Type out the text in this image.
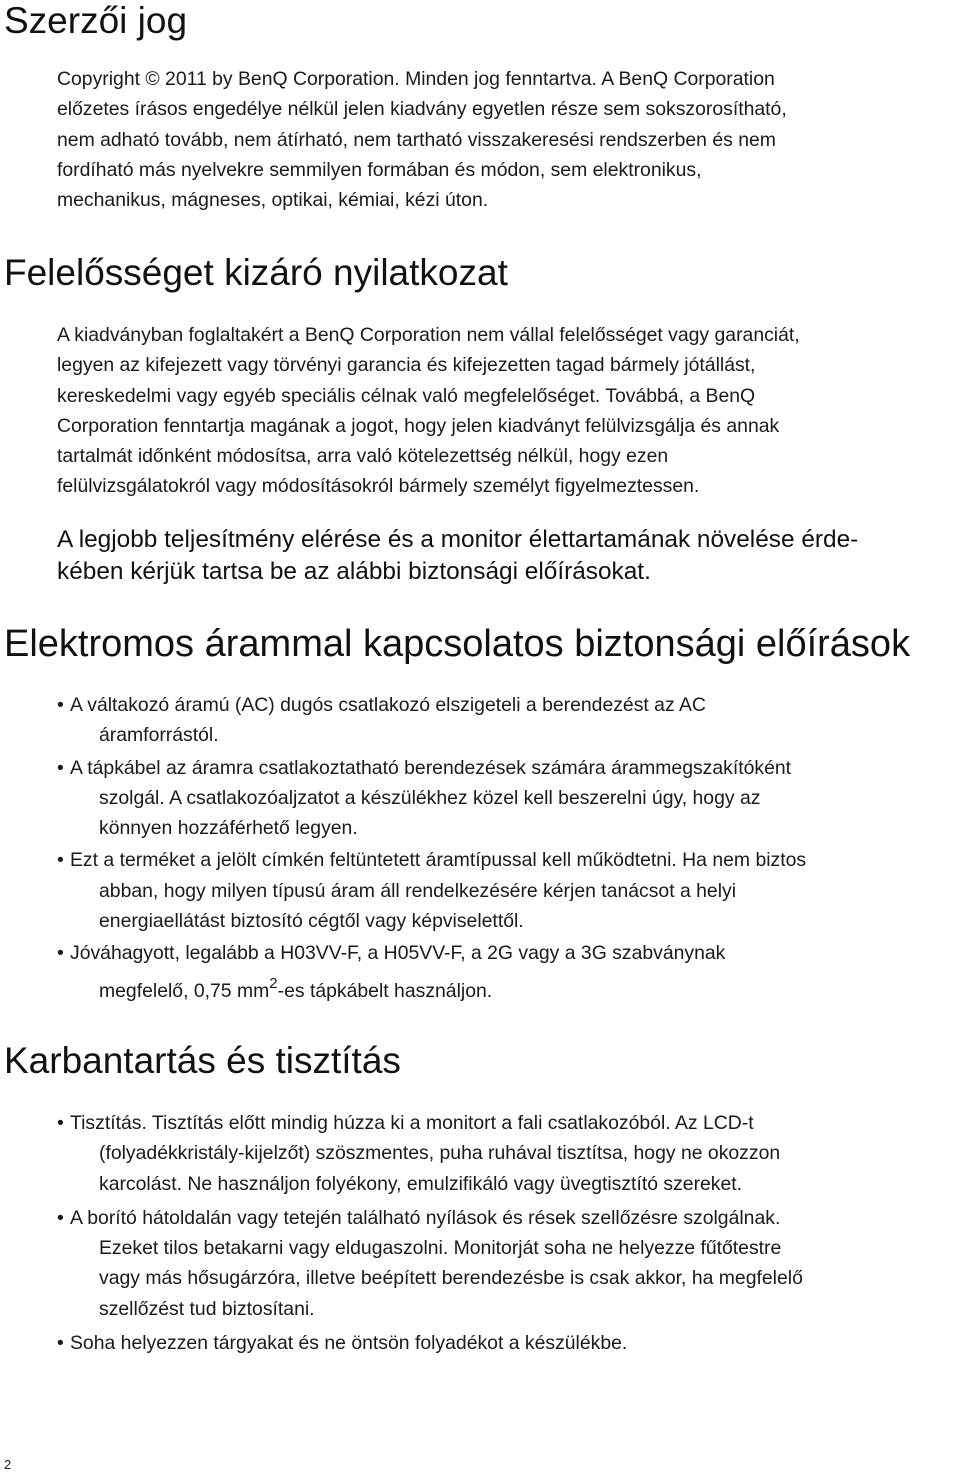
Szerzői jog

Copyright © 2011 by BenQ Corporation. Minden jog fenntartva. A BenQ Corporation
előzetes írásos engedélye nélkül jelen kiadvány egyetlen része sem sokszorosítható,
nem adható tovább, nem átírható, nem tartható visszakeresési rendszerben és nem
fordíható más nyelvekre semmilyen formában és módon, sem elektronikus,
mechanikus, mágneses, optikai, kémiai, kézi úton.

Felelősséget kizáró nyilatkozat

A kiadványban foglaltakért a BenQ Corporation nem vállal felelősséget vagy garanciát,
legyen az kifejezett vagy törvényi garancia és kifejezetten tagad bármely jótállást,
kereskedelmi vagy egyéb speciális célnak való megfelelőséget. Továbbá, a BenQ
Corporation fenntartja magának a jogot, hogy jelen kiadványt felülvizsgálja és annak
tartalmát időnként módosítsa, arra való kötelezettség nélkül, hogy ezen
felülvizsgálatokról vagy módosításokról bármely személyt figyelmeztessen.

A legjobb teljesítmény elérése és a monitor élettartamának növelése érde-
kében kérjük tartsa be az alábbi biztonsági előírásokat.

Elektromos árammal kapcsolatos biztonsági előírások
• A váltakozó áramú (AC) dugós csatlakozó elszigeteli a berendezést az AC
áramforrástól.
• A tápkábel az áramra csatlakoztatható berendezések számára árammegszakítóként
szolgál. A csatlakozóaljzatot a készülékhez közel kell beszerelni úgy, hogy az
könnyen hozzáférhető legyen.
• Ezt a terméket a jelölt címkén feltüntetett áramtípussal kell működtetni. Ha nem biztos
abban, hogy milyen típusú áram áll rendelkezésére kérjen tanácsot a helyi
energiaellátást biztosító cégtől vagy képviselettől.
• Jóváhagyott, legalább a H03VV-F, a H05VV-F, a 2G vagy a 3G szabványnak
megfelelő, 0,75 $mm^2-es$ tápkábelt használjon.
Karbantartás és tisztítás
• Tisztítás. Tisztítás előtt mindig húzza ki a monitort a fali csatlakozóból. Az LCD-t
(folyadékkristály-kijelzőt) szöszmentes, puha ruhával tisztítsa, hogy ne okozzon
karcolást. Ne használjon folyékony, emulzifikáló vagy üvegtisztító szereket.
• A borító hátoldalán vagy tetején található nyílások és rések szellőzésre szolgálnak.
Ezeket tilos betakarni vagy eldugaszolni. Monitorját soha ne helyezze fűtőtestre
vagy más hősugárzóra, illetve beépített berendezésbe is csak akkor, ha megfelelő
szellőzést tud biztosítani.
• Soha helyezzen tárgyakat és ne öntsön folyadékot a készülékbe.
2
